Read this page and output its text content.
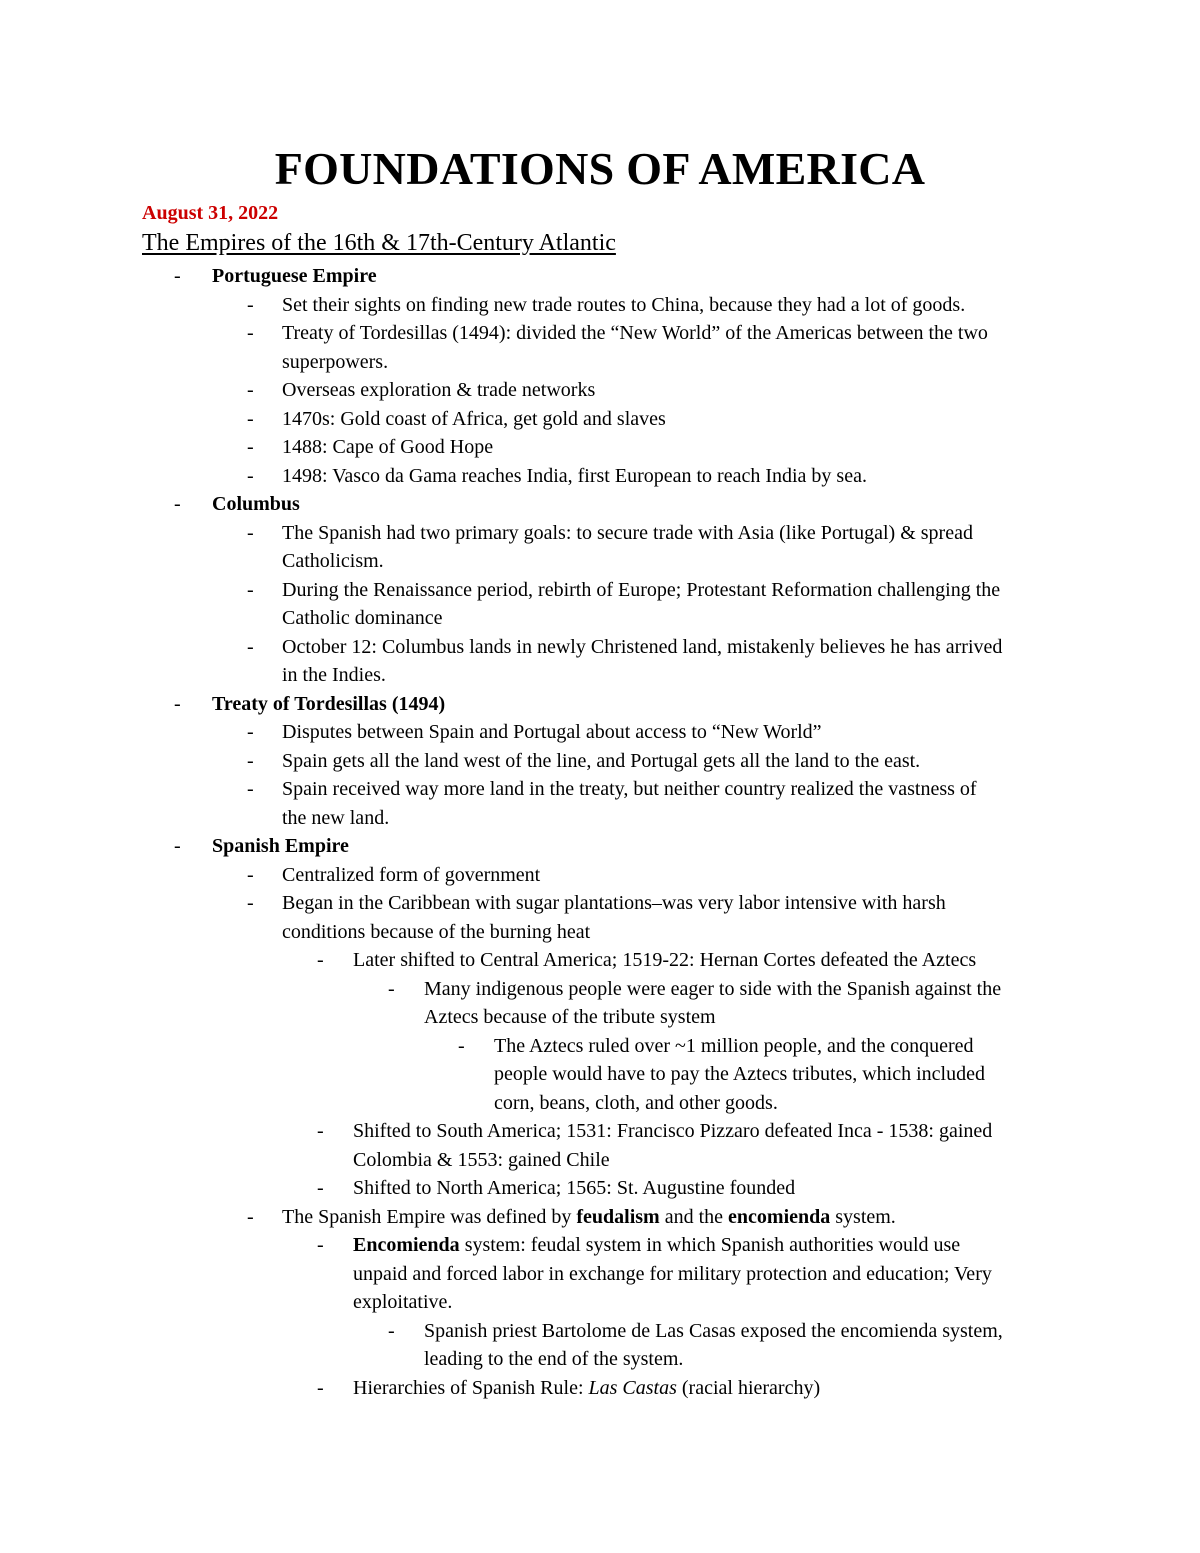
FOUNDATIONS OF AMERICA
August 31, 2022
The Empires of the 16th & 17th-Century Atlantic
- Portuguese Empire
- Set their sights on finding new trade routes to China, because they had a lot of goods.
- Treaty of Tordesillas (1494): divided the “New World” of the Americas between the two
superpowers.
- Overseas exploration & trade networks
- 1470s: Gold coast of Africa, get gold and slaves
- 1488: Cape of Good Hope
- 1498: Vasco da Gama reaches India, first European to reach India by sea.
- Columbus
- The Spanish had two primary goals: to secure trade with Asia (like Portugal) & spread
Catholicism.
- During the Renaissance period, rebirth of Europe; Protestant Reformation challenging the
Catholic dominance
- October 12: Columbus lands in newly Christened land, mistakenly believes he has arrived
in the Indies.
- Treaty of Tordesillas (1494)
- Disputes between Spain and Portugal about access to “New World”
- Spain gets all the land west of the line, and Portugal gets all the land to the east.
- Spain received way more land in the treaty, but neither country realized the vastness of
the new land.
- Spanish Empire
- Centralized form of government
- Began in the Caribbean with sugar plantations–was very labor intensive with harsh
conditions because of the burning heat
- Later shifted to Central America; 1519-22: Hernan Cortes defeated the Aztecs
- Many indigenous people were eager to side with the Spanish against the
Aztecs because of the tribute system
- The Aztecs ruled over ~1 million people, and the conquered
people would have to pay the Aztecs tributes, which included
corn, beans, cloth, and other goods.
- Shifted to South America; 1531: Francisco Pizzaro defeated Inca - 1538: gained
Colombia & 1553: gained Chile
- Shifted to North America; 1565: St. Augustine founded
- The Spanish Empire was defined by feudalism and the encomienda system.
- Encomienda system: feudal system in which Spanish authorities would use
unpaid and forced labor in exchange for military protection and education; Very
exploitative.
- Spanish priest Bartolome de Las Casas exposed the encomienda system,
leading to the end of the system.
- Hierarchies of Spanish Rule: Las Castas (racial hierarchy)
